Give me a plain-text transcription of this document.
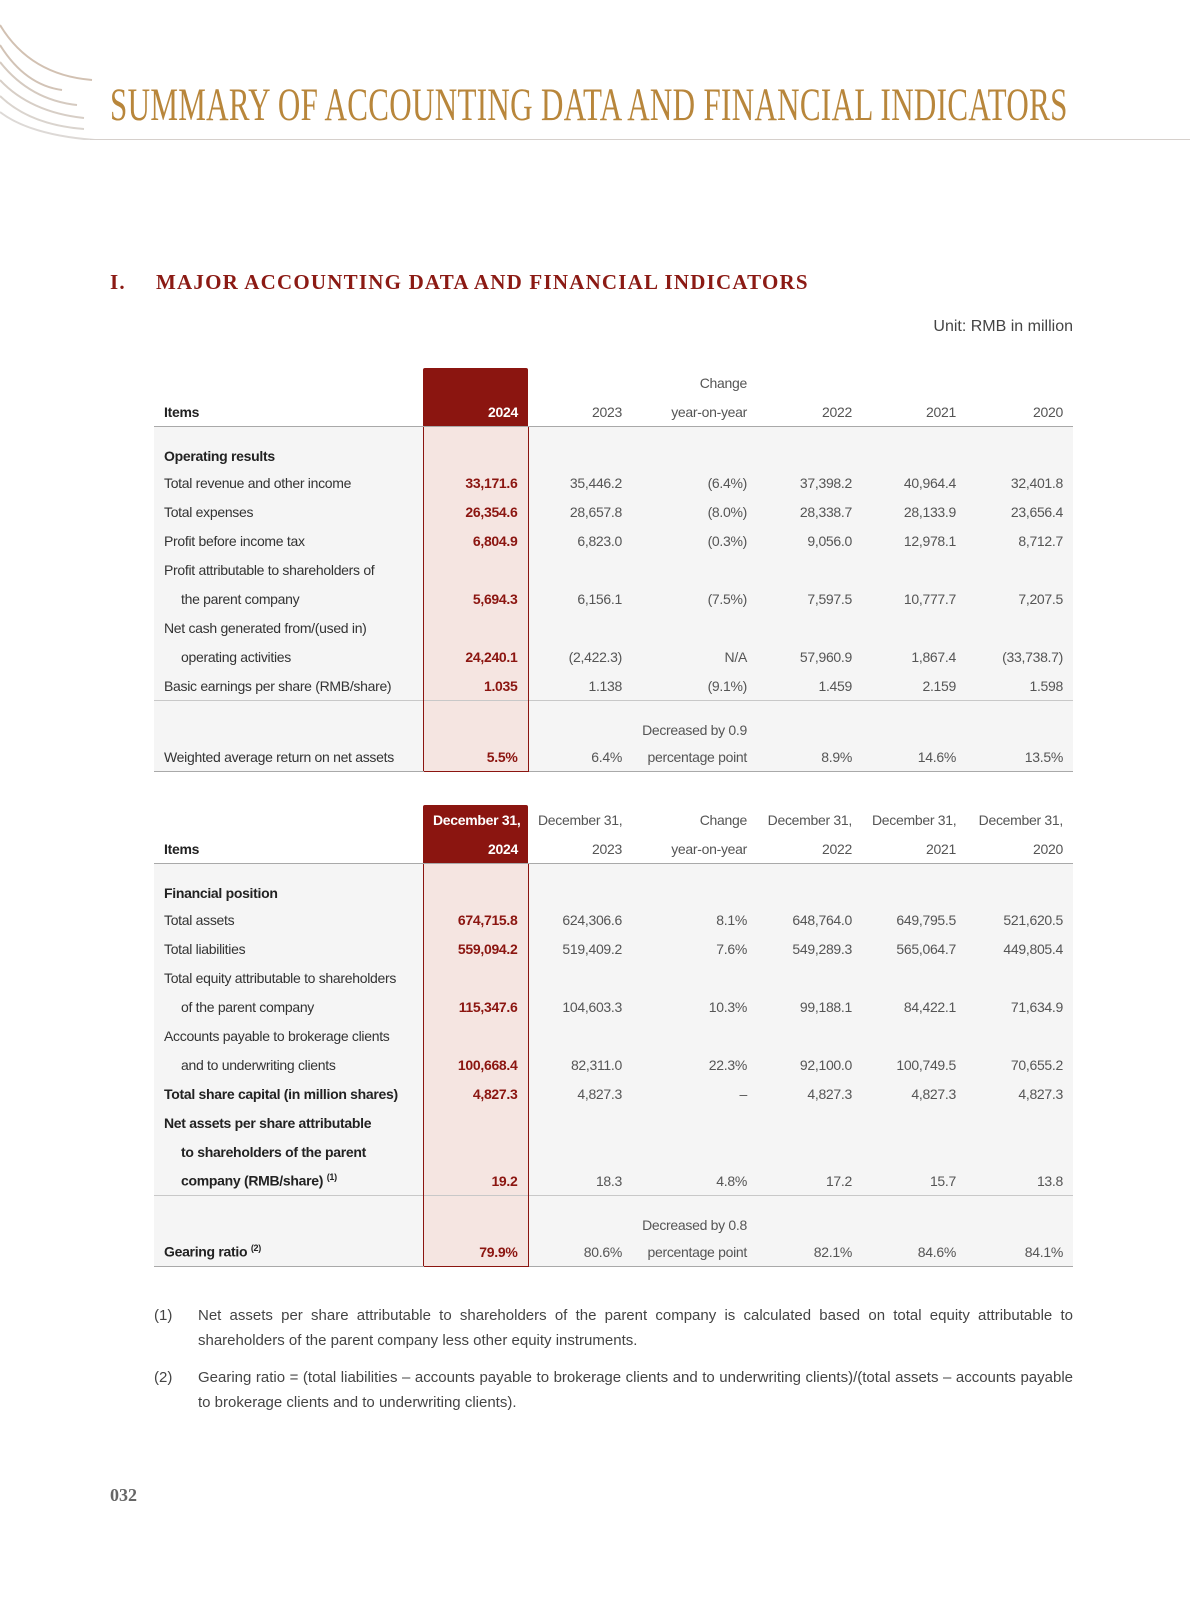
SUMMARY OF ACCOUNTING DATA AND FINANCIAL INDICATORS
I. MAJOR ACCOUNTING DATA AND FINANCIAL INDICATORS
Unit: RMB in million
			Change			
Items	2024	2023	year-on-year	2022	2021	2020
Operating results						
Total revenue and other income	33,171.6	35,446.2	(6.4%)	37,398.2	40,964.4	32,401.8
Total expenses	26,354.6	28,657.8	(8.0%)	28,338.7	28,133.9	23,656.4
Profit before income tax	6,804.9	6,823.0	(0.3%)	9,056.0	12,978.1	8,712.7
Profit attributable to shareholders of						
the parent company	5,694.3	6,156.1	(7.5%)	7,597.5	10,777.7	7,207.5
Net cash generated from/(used in)						
operating activities	24,240.1	(2,422.3)	N/A	57,960.9	1,867.4	(33,738.7)
Basic earnings per share (RMB/share)	1.035	1.138	(9.1%)	1.459	2.159	1.598
			Decreased by 0.9			
Weighted average return on net assets	5.5%	6.4%	percentage point	8.9%	14.6%	13.5%
	December 31,	December 31,	Change	December 31,	December 31,	December 31,
Items	2024	2023	year-on-year	2022	2021	2020
Financial position						
Total assets	674,715.8	624,306.6	8.1%	648,764.0	649,795.5	521,620.5
Total liabilities	559,094.2	519,409.2	7.6%	549,289.3	565,064.7	449,805.4
Total equity attributable to shareholders						
of the parent company	115,347.6	104,603.3	10.3%	99,188.1	84,422.1	71,634.9
Accounts payable to brokerage clients						
and to underwriting clients	100,668.4	82,311.0	22.3%	92,100.0	100,749.5	70,655.2
Total share capital (in million shares)	4,827.3	4,827.3	–	4,827.3	4,827.3	4,827.3
Net assets per share attributable						
to shareholders of the parent						
company (RMB/share) $^{(1)}$	19.2	18.3	4.8%	17.2	15.7	13.8
			Decreased by 0.8			
Gearing ratio $^{(2)}$	79.9%	80.6%	percentage point	82.1%	84.6%	84.1%
(1) Net assets per share attributable to shareholders of the parent company is calculated based on total equity attributable to shareholders of the parent company less other equity instruments.
(2) Gearing ratio = (total liabilities – accounts payable to brokerage clients and to underwriting clients)/(total assets – accounts payable to brokerage clients and to underwriting clients).
032
